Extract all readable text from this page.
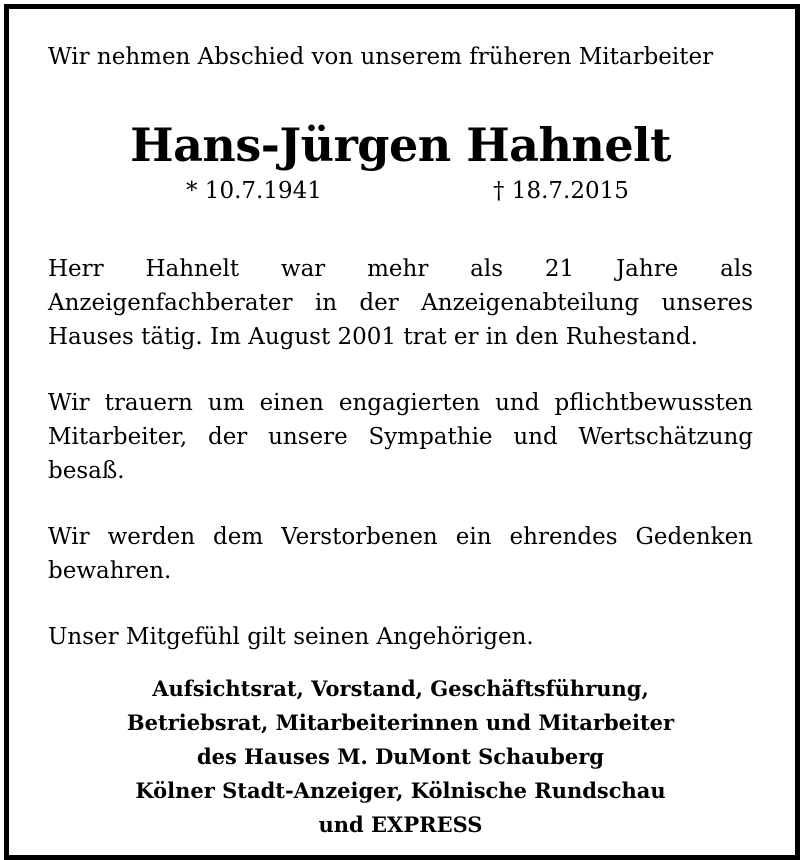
Wir nehmen Abschied von unserem früheren Mitarbeiter

Hans-Jürgen Hahnelt
* 10.7.1941	† 18.7.2015

Herr Hahnelt war mehr als 21 Jahre als Anzeigenfachberater in der Anzeigenabteilung unseres Hauses tätig. Im August 2001 trat er in den Ruhestand.

Wir trauern um einen engagierten und pflichtbewussten Mitarbeiter, der unsere Sympathie und Wertschätzung besaß.

Wir werden dem Verstorbenen ein ehrendes Gedenken bewahren.

Unser Mitgefühl gilt seinen Angehörigen.

Aufsichtsrat, Vorstand, Geschäftsführung,
Betriebsrat, Mitarbeiterinnen und Mitarbeiter
des Hauses M. DuMont Schauberg
Kölner Stadt-Anzeiger, Kölnische Rundschau
und EXPRESS
